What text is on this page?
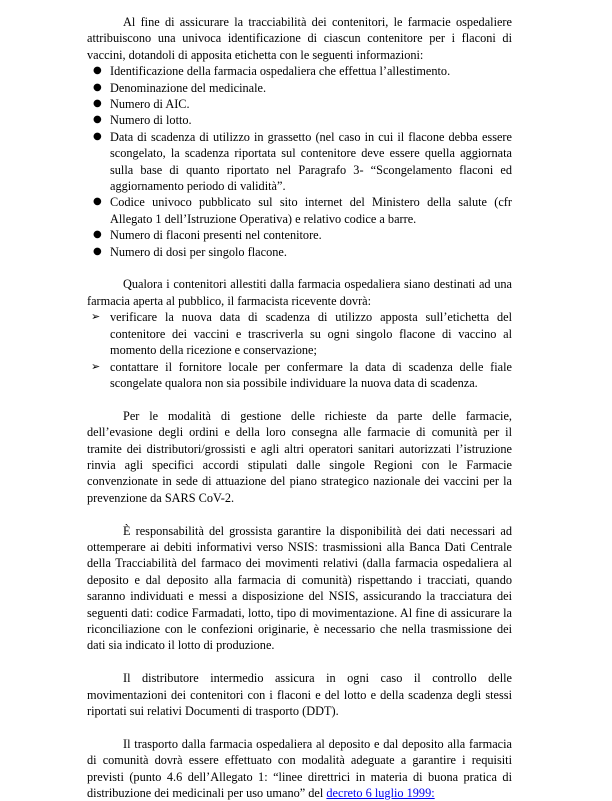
Al fine di assicurare la tracciabilità dei contenitori, le farmacie ospedaliere attribuiscono una univoca identificazione di ciascun contenitore per i flaconi di vaccini, dotandoli di apposita etichetta con le seguenti informazioni:

● Identificazione della farmacia ospedaliera che effettua l’allestimento.
● Denominazione del medicinale.
● Numero di AIC.
● Numero di lotto.
● Data di scadenza di utilizzo in grassetto (nel caso in cui il flacone debba essere scongelato, la scadenza riportata sul contenitore deve essere quella aggiornata sulla base di quanto riportato nel Paragrafo 3- “Scongelamento flaconi ed aggiornamento periodo di validità”.
● Codice univoco pubblicato sul sito internet del Ministero della salute (cfr Allegato 1 dell’Istruzione Operativa) e relativo codice a barre.
● Numero di flaconi presenti nel contenitore.
● Numero di dosi per singolo flacone.

Qualora i contenitori allestiti dalla farmacia ospedaliera siano destinati ad una farmacia aperta al pubblico, il farmacista ricevente dovrà:

➢ verificare la nuova data di scadenza di utilizzo apposta sull’etichetta del contenitore dei vaccini e trascriverla su ogni singolo flacone di vaccino al momento della ricezione e conservazione;
➢ contattare il fornitore locale per confermare la data di scadenza delle fiale scongelate qualora non sia possibile individuare la nuova data di scadenza.

Per le modalità di gestione delle richieste da parte delle farmacie, dell’evasione degli ordini e della loro consegna alle farmacie di comunità per il tramite dei distributori/grossisti e agli altri operatori sanitari autorizzati l’istruzione rinvia agli specifici accordi stipulati dalle singole Regioni con le Farmacie convenzionate in sede di attuazione del piano strategico nazionale dei vaccini per la prevenzione da SARS CoV-2.

È responsabilità del grossista garantire la disponibilità dei dati necessari ad ottemperare ai debiti informativi verso NSIS: trasmissioni alla Banca Dati Centrale della Tracciabilità del farmaco dei movimenti relativi (dalla farmacia ospedaliera al deposito e dal deposito alla farmacia di comunità) rispettando i tracciati, quando saranno individuati e messi a disposizione del NSIS, assicurando la tracciatura dei seguenti dati: codice Farmadati, lotto, tipo di movimentazione. Al fine di assicurare la riconciliazione con le confezioni originarie, è necessario che nella trasmissione dei dati sia indicato il lotto di produzione.

Il distributore intermedio assicura in ogni caso il controllo delle movimentazioni dei contenitori con i flaconi e del lotto e della scadenza degli stessi riportati sui relativi Documenti di trasporto (DDT).

Il trasporto dalla farmacia ospedaliera al deposito e dal deposito alla farmacia di comunità dovrà essere effettuato con modalità adeguate a garantire i requisiti previsti (punto 4.6 dell’Allegato 1: “linee direttrici in materia di buona pratica di distribuzione dei medicinali per uso umano” del decreto 6 luglio 1999:
